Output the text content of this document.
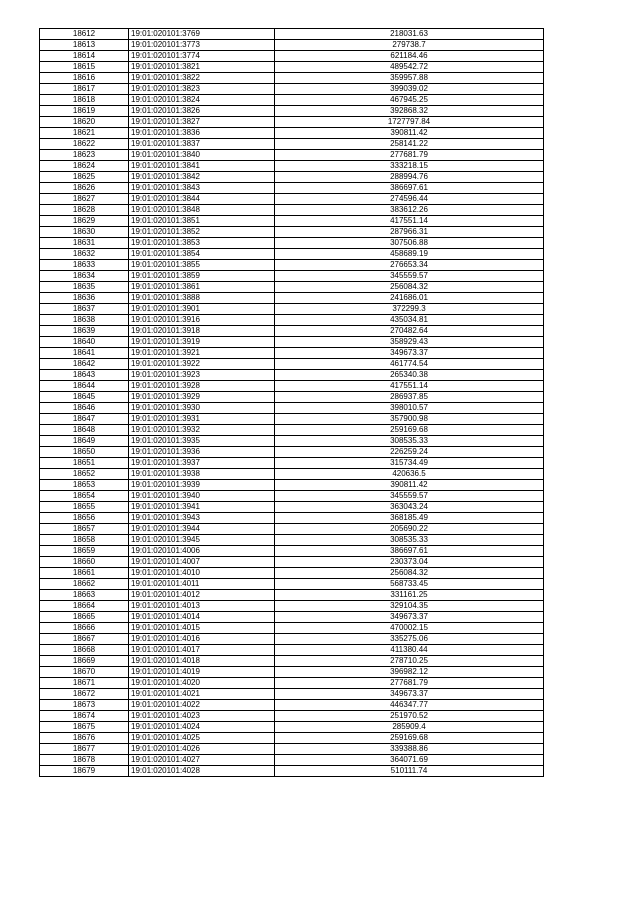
18612	19:01:020101:3769	218031.63
18613	19:01:020101:3773	279738.7
18614	19:01:020101:3774	621184.46
18615	19:01:020101:3821	489542.72
18616	19:01:020101:3822	359957.88
18617	19:01:020101:3823	399039.02
18618	19:01:020101:3824	467945.25
18619	19:01:020101:3826	392868.32
18620	19:01:020101:3827	1727797.84
18621	19:01:020101:3836	390811.42
18622	19:01:020101:3837	258141.22
18623	19:01:020101:3840	277681.79
18624	19:01:020101:3841	333218.15
18625	19:01:020101:3842	288994.76
18626	19:01:020101:3843	386697.61
18627	19:01:020101:3844	274596.44
18628	19:01:020101:3848	383612.26
18629	19:01:020101:3851	417551.14
18630	19:01:020101:3852	287966.31
18631	19:01:020101:3853	307506.88
18632	19:01:020101:3854	458689.19
18633	19:01:020101:3855	276653.34
18634	19:01:020101:3859	345559.57
18635	19:01:020101:3861	256084.32
18636	19:01:020101:3888	241686.01
18637	19:01:020101:3901	372299.3
18638	19:01:020101:3916	435034.81
18639	19:01:020101:3918	270482.64
18640	19:01:020101:3919	358929.43
18641	19:01:020101:3921	349673.37
18642	19:01:020101:3922	461774.54
18643	19:01:020101:3923	265340.38
18644	19:01:020101:3928	417551.14
18645	19:01:020101:3929	286937.85
18646	19:01:020101:3930	398010.57
18647	19:01:020101:3931	357900.98
18648	19:01:020101:3932	259169.68
18649	19:01:020101:3935	308535.33
18650	19:01:020101:3936	226259.24
18651	19:01:020101:3937	315734.49
18652	19:01:020101:3938	420636.5
18653	19:01:020101:3939	390811.42
18654	19:01:020101:3940	345559.57
18655	19:01:020101:3941	363043.24
18656	19:01:020101:3943	368185.49
18657	19:01:020101:3944	205690.22
18658	19:01:020101:3945	308535.33
18659	19:01:020101:4006	386697.61
18660	19:01:020101:4007	230373.04
18661	19:01:020101:4010	256084.32
18662	19:01:020101:4011	568733.45
18663	19:01:020101:4012	331161.25
18664	19:01:020101:4013	329104.35
18665	19:01:020101:4014	349673.37
18666	19:01:020101:4015	470002.15
18667	19:01:020101:4016	335275.06
18668	19:01:020101:4017	411380.44
18669	19:01:020101:4018	278710.25
18670	19:01:020101:4019	396982.12
18671	19:01:020101:4020	277681.79
18672	19:01:020101:4021	349673.37
18673	19:01:020101:4022	446347.77
18674	19:01:020101:4023	251970.52
18675	19:01:020101:4024	285909.4
18676	19:01:020101:4025	259169.68
18677	19:01:020101:4026	339388.86
18678	19:01:020101:4027	364071.69
18679	19:01:020101:4028	510111.74
